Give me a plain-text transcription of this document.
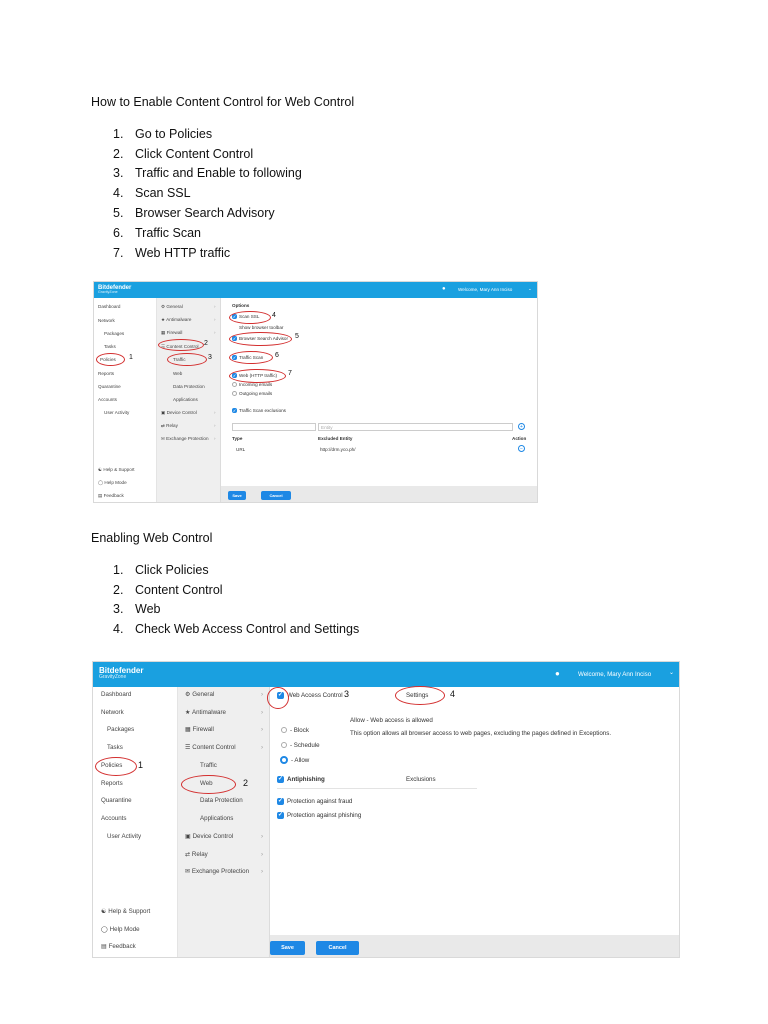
How to Enable Content Control for Web Control
1. Go to Policies
2. Click Content Control
3. Traffic and Enable to following
4. Scan SSL
5. Browser Search Advisory
6. Traffic Scan
7. Web HTTP traffic
Bitdefender
GravityZone	●	Welcome, Mary Ann Inciso	⌄
Dashboard
Network
Packages
Tasks
Policies
Reports
Quarantine
Accounts
User Activity
☯ Help & Support
◯ Help Mode
▤ Feedback
⚙ General	›
★ Antimalware	›
▦ Firewall	›
☰ Content Control
Traffic
Web
Data Protection
Applications
▣ Device Control	›
⇄ Relay	›
✉ Exchange Protection ›
Options
✓ Scan SSL
Show browser toolbar
✓ Browser Search Advisor
✓ Traffic Scan
✓ Web (HTTP traffic)
Incoming emails
Outgoing emails
✓ Traffic Scan exclusions
Entity	+
Type	Excluded Entity	Action
URL	http://drm.yco.ph/	−
Save	Cancel
1
2
3
4
5
6
7
Enabling Web Control
1. Click Policies
2. Content Control
3. Web
4. Check Web Access Control and Settings
Bitdefender
GravityZone	●	Welcome, Mary Ann Inciso	⌄
Dashboard
Network
Packages
Tasks
Policies
Reports
Quarantine
Accounts
User Activity
☯ Help & Support
◯ Help Mode
▤ Feedback
⚙ General	›
★ Antimalware	›
▦ Firewall	›
☰ Content Control	›
Traffic
Web
Data Protection
Applications
▣ Device Control	›
⇄ Relay	›
✉ Exchange Protection ›
✓ Web Access Control	Settings
Allow - Web access is allowed
This option allows all browser access to web pages, excluding the pages defined in Exceptions.
- Block
- Schedule
- Allow
✓ Antiphishing	Exclusions
✓ Protection against fraud
✓ Protection against phishing
Save	Cancel
1
2
3	4
